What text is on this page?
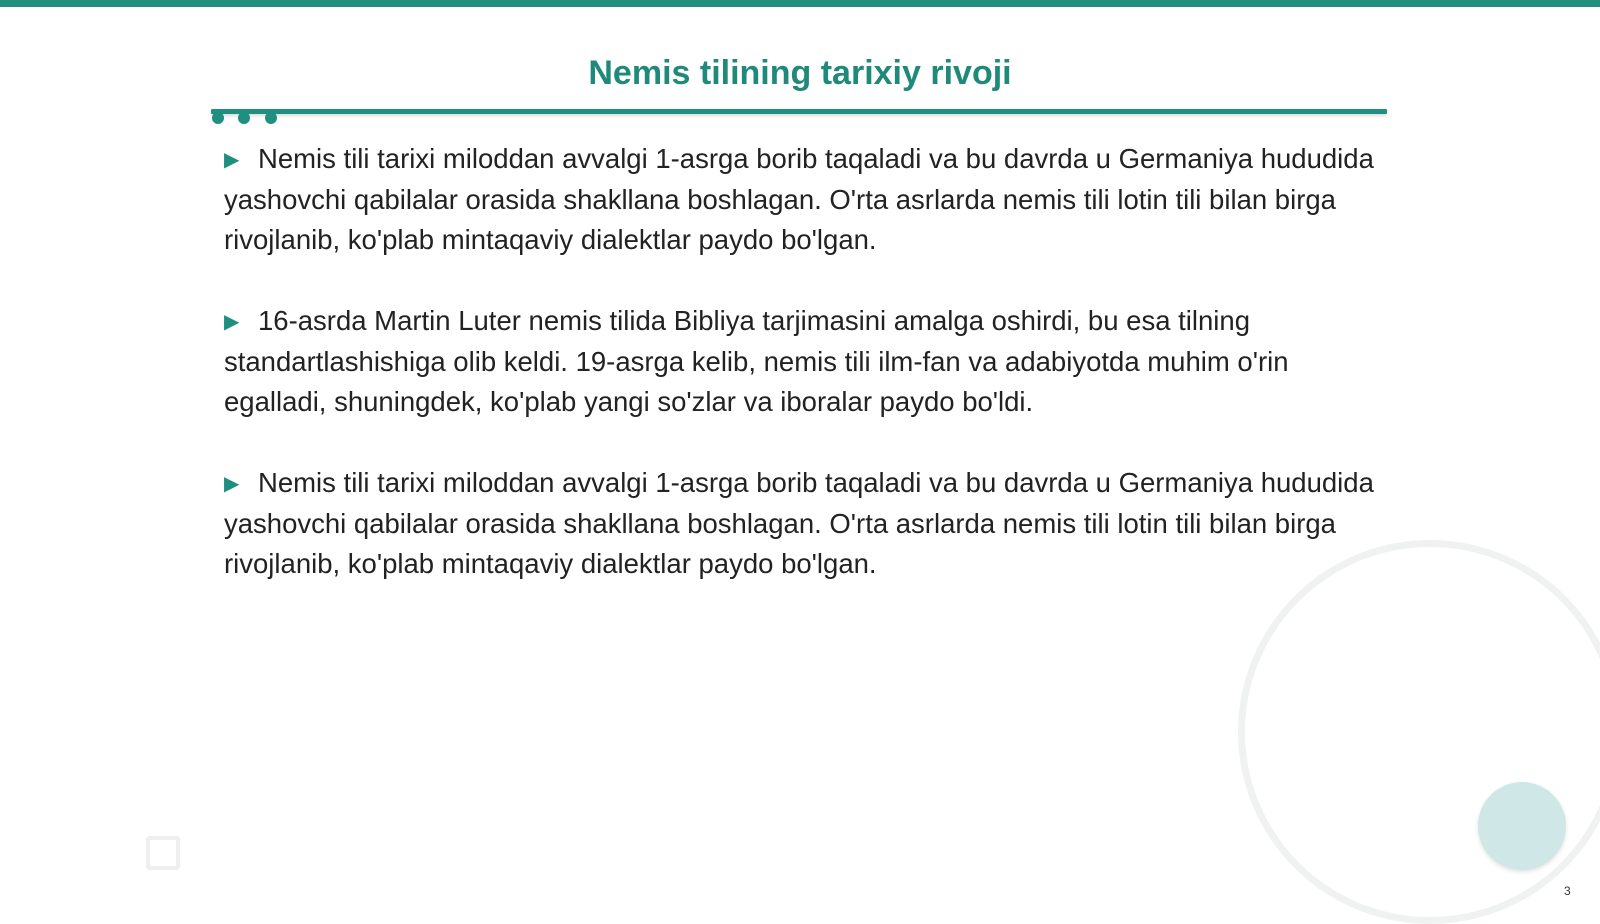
Nemis tilining tarixiy rivoji

▶ Nemis tili tarixi miloddan avvalgi 1-asrga borib taqaladi va bu davrda u Germaniya hududida yashovchi qabilalar orasida shakllana boshlagan. O'rta asrlarda nemis tili lotin tili bilan birga rivojlanib, ko'plab mintaqaviy dialektlar paydo bo'lgan.

▶ 16-asrda Martin Luter nemis tilida Bibliya tarjimasini amalga oshirdi, bu esa tilning standartlashishiga olib keldi. 19-asrga kelib, nemis tili ilm-fan va adabiyotda muhim o'rin egalladi, shuningdek, ko'plab yangi so'zlar va iboralar paydo bo'ldi.

▶ Nemis tili tarixi miloddan avvalgi 1-asrga borib taqaladi va bu davrda u Germaniya hududida yashovchi qabilalar orasida shakllana boshlagan. O'rta asrlarda nemis tili lotin tili bilan birga rivojlanib, ko'plab mintaqaviy dialektlar paydo bo'lgan.

3
